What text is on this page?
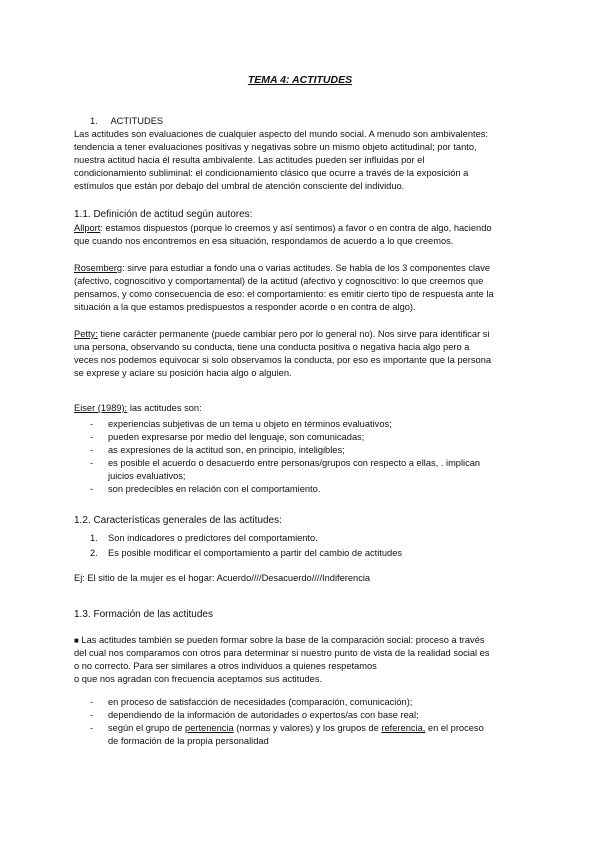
TEMA 4: ACTITUDES
1. ACTITUDES
Las actitudes son evaluaciones de cualquier aspecto del mundo social. A menudo son ambivalentes:
tendencia a tener evaluaciones positivas y negativas sobre un mismo objeto actitudinal; por tanto,
nuestra actitud hacia él resulta ambivalente. Las actitudes pueden ser influidas por el
condicionamiento subliminal: el condicionamiento clásico que ocurre a través de la exposición a
estímulos que están por debajo del umbral de atención consciente del individuo.
1.1. Definición de actitud según autores:
Allport: estamos dispuestos (porque lo creemos y así sentimos) a favor o en contra de algo, haciendo
que cuando nos encontremos en esa situación, respondamos de acuerdo a lo que creemos.
Rosemberg: sirve para estudiar a fondo una o varias actitudes. Se habla de los 3 componentes clave
(afectivo, cognoscitivo y comportamental) de la actitud (afectivo y cognoscitivo: lo que creemos que
pensamos, y como consecuencia de eso: el comportamiento: es emitir cierto tipo de respuesta ante la
situación a la que estamos predispuestos a responder acorde o en contra de algo).
Petty: tiene carácter permanente (puede cambiar pero por lo general no). Nos sirve para identificar si
una persona, observando su conducta, tiene una conducta positiva o negativa hacia algo pero a
veces nos podemos equivocar si solo observamos la conducta, por eso es importante que la persona
se exprese y aclare su posición hacia algo o alguien.
Eiser (1989): las actitudes son:
- experiencias subjetivas de un tema u objeto en términos evaluativos;
- pueden expresarse por medio del lenguaje, son comunicadas;
- as expresiones de la actitud son, en principio, inteligibles;
- es posible el acuerdo o desacuerdo entre personas/grupos con respecto a ellas, . implican
juicios evaluativos;
- son predecibles en relación con el comportamiento.
1.2. Características generales de las actitudes:
1. Son indicadores o predictores del comportamiento.
2. Es posible modificar el comportamiento a partir del cambio de actitudes
Ej: El sitio de la mujer es el hogar: Acuerdo////Desacuerdo////Indiferencia
1.3. Formación de las actitudes
■ Las actitudes también se pueden formar sobre la base de la comparación social: proceso a través
del cual nos comparamos con otros para determinar si nuestro punto de vista de la realidad social es
o no correcto. Para ser similares a otros individuos a quienes respetamos
o que nos agradan con frecuencia aceptamos sus actitudes.
- en proceso de satisfacción de necesidades (comparación, comunicación);
- dependiendo de la información de autoridades o expertos/as con base real;
- según el grupo de pertenencia (normas y valores) y los grupos de referencia, en el proceso
de formación de la propia personalidad
